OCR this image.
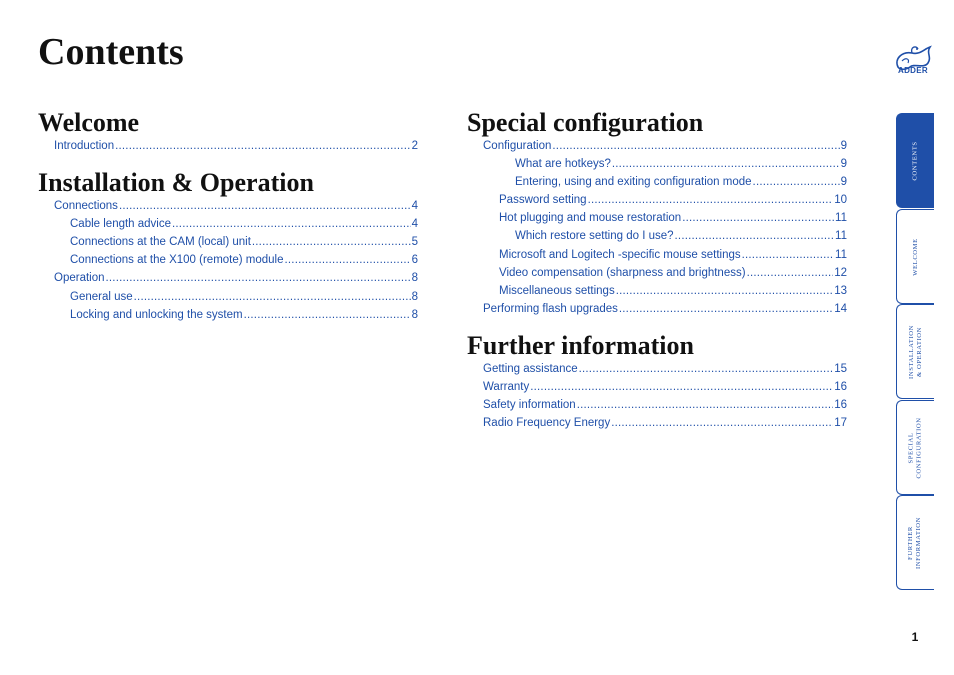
Contents
Welcome
Introduction .....	2
Installation & Operation
Connections .....	4
Cable length advice .....	4
Connections at the CAM (local) unit .....	5
Connections at the X100 (remote) module .....	6
Operation .....	8
General use .....	8
Locking and unlocking the system .....	8
Special configuration
Configuration .....	9
What are hotkeys? .....	9
Entering, using and exiting configuration mode .....	9
Password setting .....	10
Hot plugging and mouse restoration .....	11
Which restore setting do I use? .....	11
Microsoft and Logitech -specific mouse settings .....	11
Video compensation (sharpness and brightness) .....	12
Miscellaneous settings .....	13
Performing flash upgrades .....	14
Further information
Getting assistance .....	15
Warranty .....	16
Safety information .....	16
Radio Frequency Energy .....	17
ADDER
CONTENTS
WELCOME
INSTALLATION
& OPERATION
SPECIAL
CONFIGURATION
FURTHER
INFORMATION
1
